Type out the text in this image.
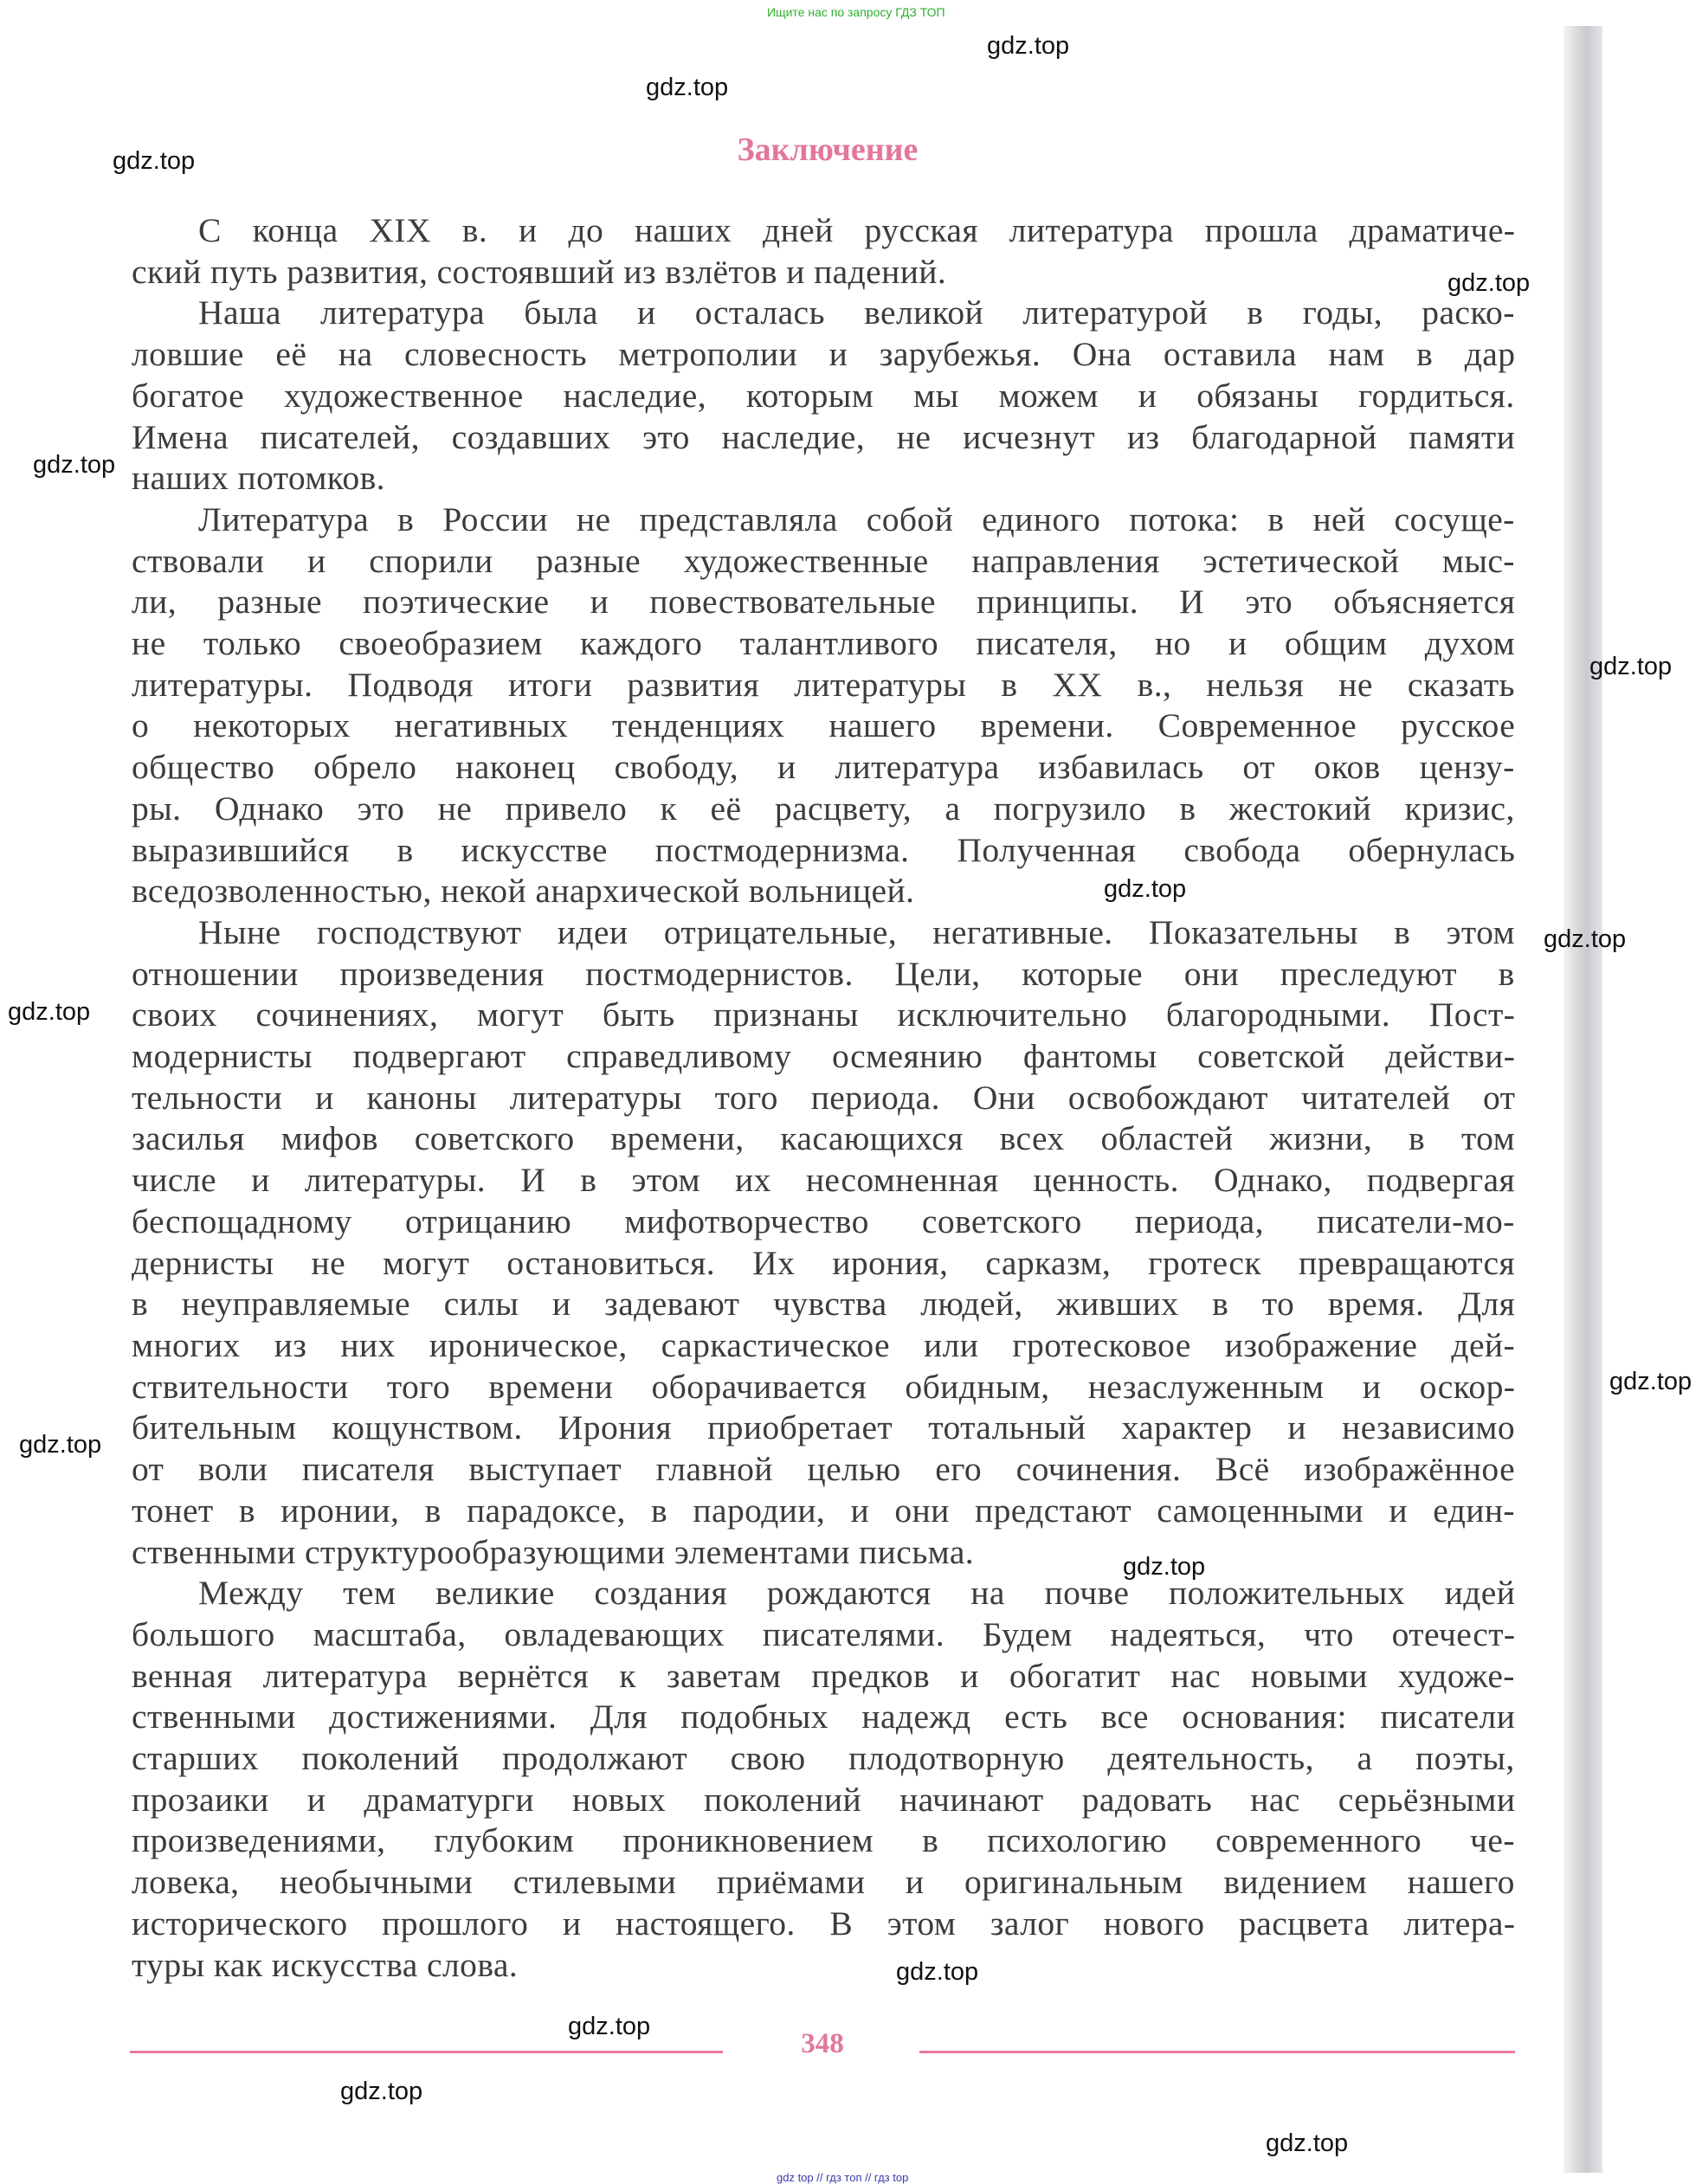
Ищите нас по запросу ГДЗ ТОП
gdz.top
gdz.top
gdz.top
gdz.top
gdz.top
gdz.top
gdz.top
gdz.top
gdz.top
gdz.top
gdz.top
gdz.top
gdz.top
gdz.top
gdz.top
gdz.top
Заключение
С конца XIX в. и до наших дней русская литература прошла драматиче-
ский путь развития, состоявший из взлётов и падений.
Наша литература была и осталась великой литературой в годы, раско-
ловшие её на словесность метрополии и зарубежья. Она оставила нам в дар
богатое художественное наследие, которым мы можем и обязаны гордиться.
Имена писателей, создавших это наследие, не исчезнут из благодарной памяти
наших потомков.
Литература в России не представляла собой единого потока: в ней сосуще-
ствовали и спорили разные художественные направления эстетической мыс-
ли, разные поэтические и повествовательные принципы. И это объясняется
не только своеобразием каждого талантливого писателя, но и общим духом
литературы. Подводя итоги развития литературы в XX в., нельзя не сказать
о некоторых негативных тенденциях нашего времени. Современное русское
общество обрело наконец свободу, и литература избавилась от оков цензу-
ры. Однако это не привело к её расцвету, а погрузило в жестокий кризис,
выразившийся в искусстве постмодернизма. Полученная свобода обернулась
вседозволенностью, некой анархической вольницей.
Ныне господствуют идеи отрицательные, негативные. Показательны в этом
отношении произведения постмодернистов. Цели, которые они преследуют в
своих сочинениях, могут быть признаны исключительно благородными. Пост-
модернисты подвергают справедливому осмеянию фантомы советской действи-
тельности и каноны литературы того периода. Они освобождают читателей от
засилья мифов советского времени, касающихся всех областей жизни, в том
числе и литературы. И в этом их несомненная ценность. Однако, подвергая
беспощадному отрицанию мифотворчество советского периода, писатели-мо-
дернисты не могут остановиться. Их ирония, сарказм, гротеск превращаются
в неуправляемые силы и задевают чувства людей, живших в то время. Для
многих из них ироническое, саркастическое или гротесковое изображение дей-
ствительности того времени оборачивается обидным, незаслуженным и оскор-
бительным кощунством. Ирония приобретает тотальный характер и независимо
от воли писателя выступает главной целью его сочинения. Всё изображённое
тонет в иронии, в парадоксе, в пародии, и они предстают самоценными и един-
ственными структурообразующими элементами письма.
Между тем великие создания рождаются на почве положительных идей
большого масштаба, овладевающих писателями. Будем надеяться, что отечест-
венная литература вернётся к заветам предков и обогатит нас новыми художе-
ственными достижениями. Для подобных надежд есть все основания: писатели
старших поколений продолжают свою плодотворную деятельность, а поэты,
прозаики и драматурги новых поколений начинают радовать нас серьёзными
произведениями, глубоким проникновением в психологию современного че-
ловека, необычными стилевыми приёмами и оригинальным видением нашего
исторического прошлого и настоящего. В этом залог нового расцвета литера-
туры как искусства слова.
348
gdz top // гдз топ // гдз top
